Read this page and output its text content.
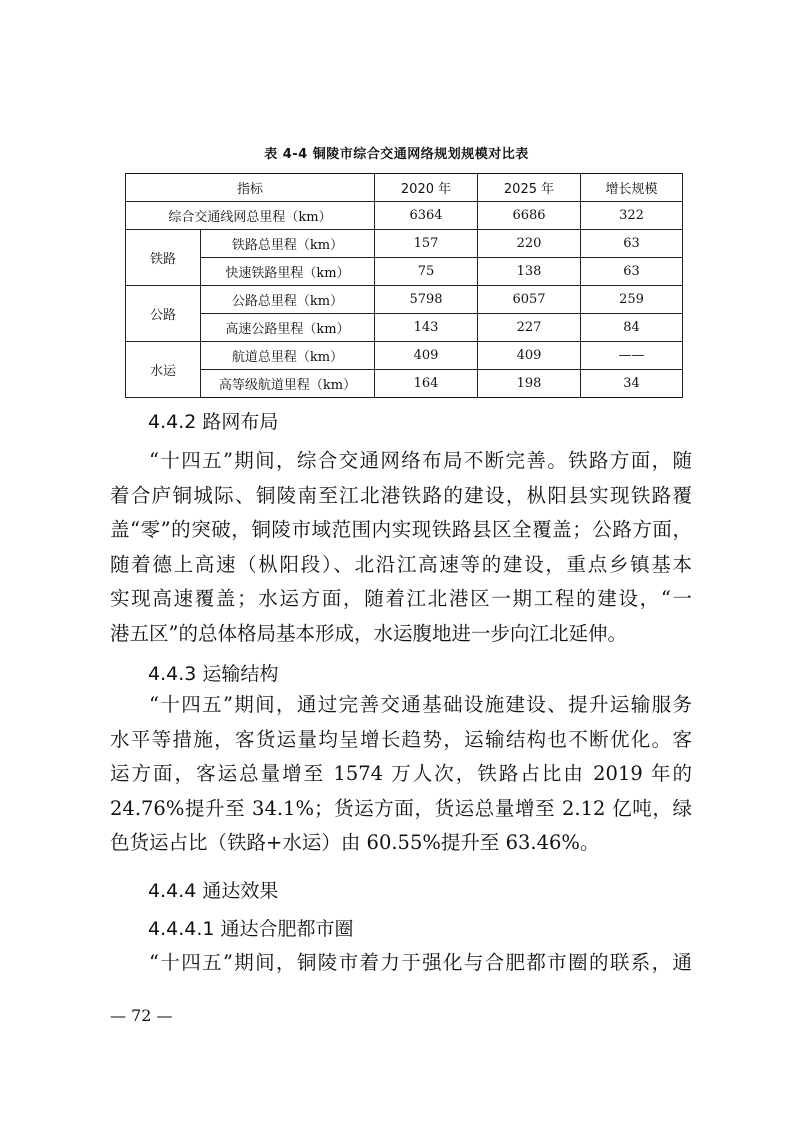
表 4-4 铜陵市综合交通网络规划规模对比表
指标		2020 年	2025 年	增长规模
综合交通线网总里程（km）		6364	6686	322
铁路	铁路总里程（km）	157	220	63
	快速铁路里程（km）	75	138	63
公路	公路总里程（km）	5798	6057	259
	高速公路里程（km）	143	227	84
水运	航道总里程（km）	409	409	——
	高等级航道里程（km）	164	198	34
4.4.2 路网布局
“十四五”期间，综合交通网络布局不断完善。铁路方面，随
着合庐铜城际、铜陵南至江北港铁路的建设，枞阳县实现铁路覆
盖“零”的突破，铜陵市域范围内实现铁路县区全覆盖；公路方面，
随着德上高速（枞阳段）、北沿江高速等的建设，重点乡镇基本
实现高速覆盖；水运方面，随着江北港区一期工程的建设，“一
港五区”的总体格局基本形成，水运腹地进一步向江北延伸。
4.4.3 运输结构
“十四五”期间，通过完善交通基础设施建设、提升运输服务
水平等措施，客货运量均呈增长趋势，运输结构也不断优化。客
运方面，客运总量增至 1574 万人次，铁路占比由 2019 年的
24.76%提升至 34.1%；货运方面，货运总量增至 2.12 亿吨，绿
色货运占比（铁路+水运）由 60.55%提升至 63.46%。
4.4.4 通达效果
4.4.4.1 通达合肥都市圈
“十四五”期间，铜陵市着力于强化与合肥都市圈的联系，通
— 72 —
